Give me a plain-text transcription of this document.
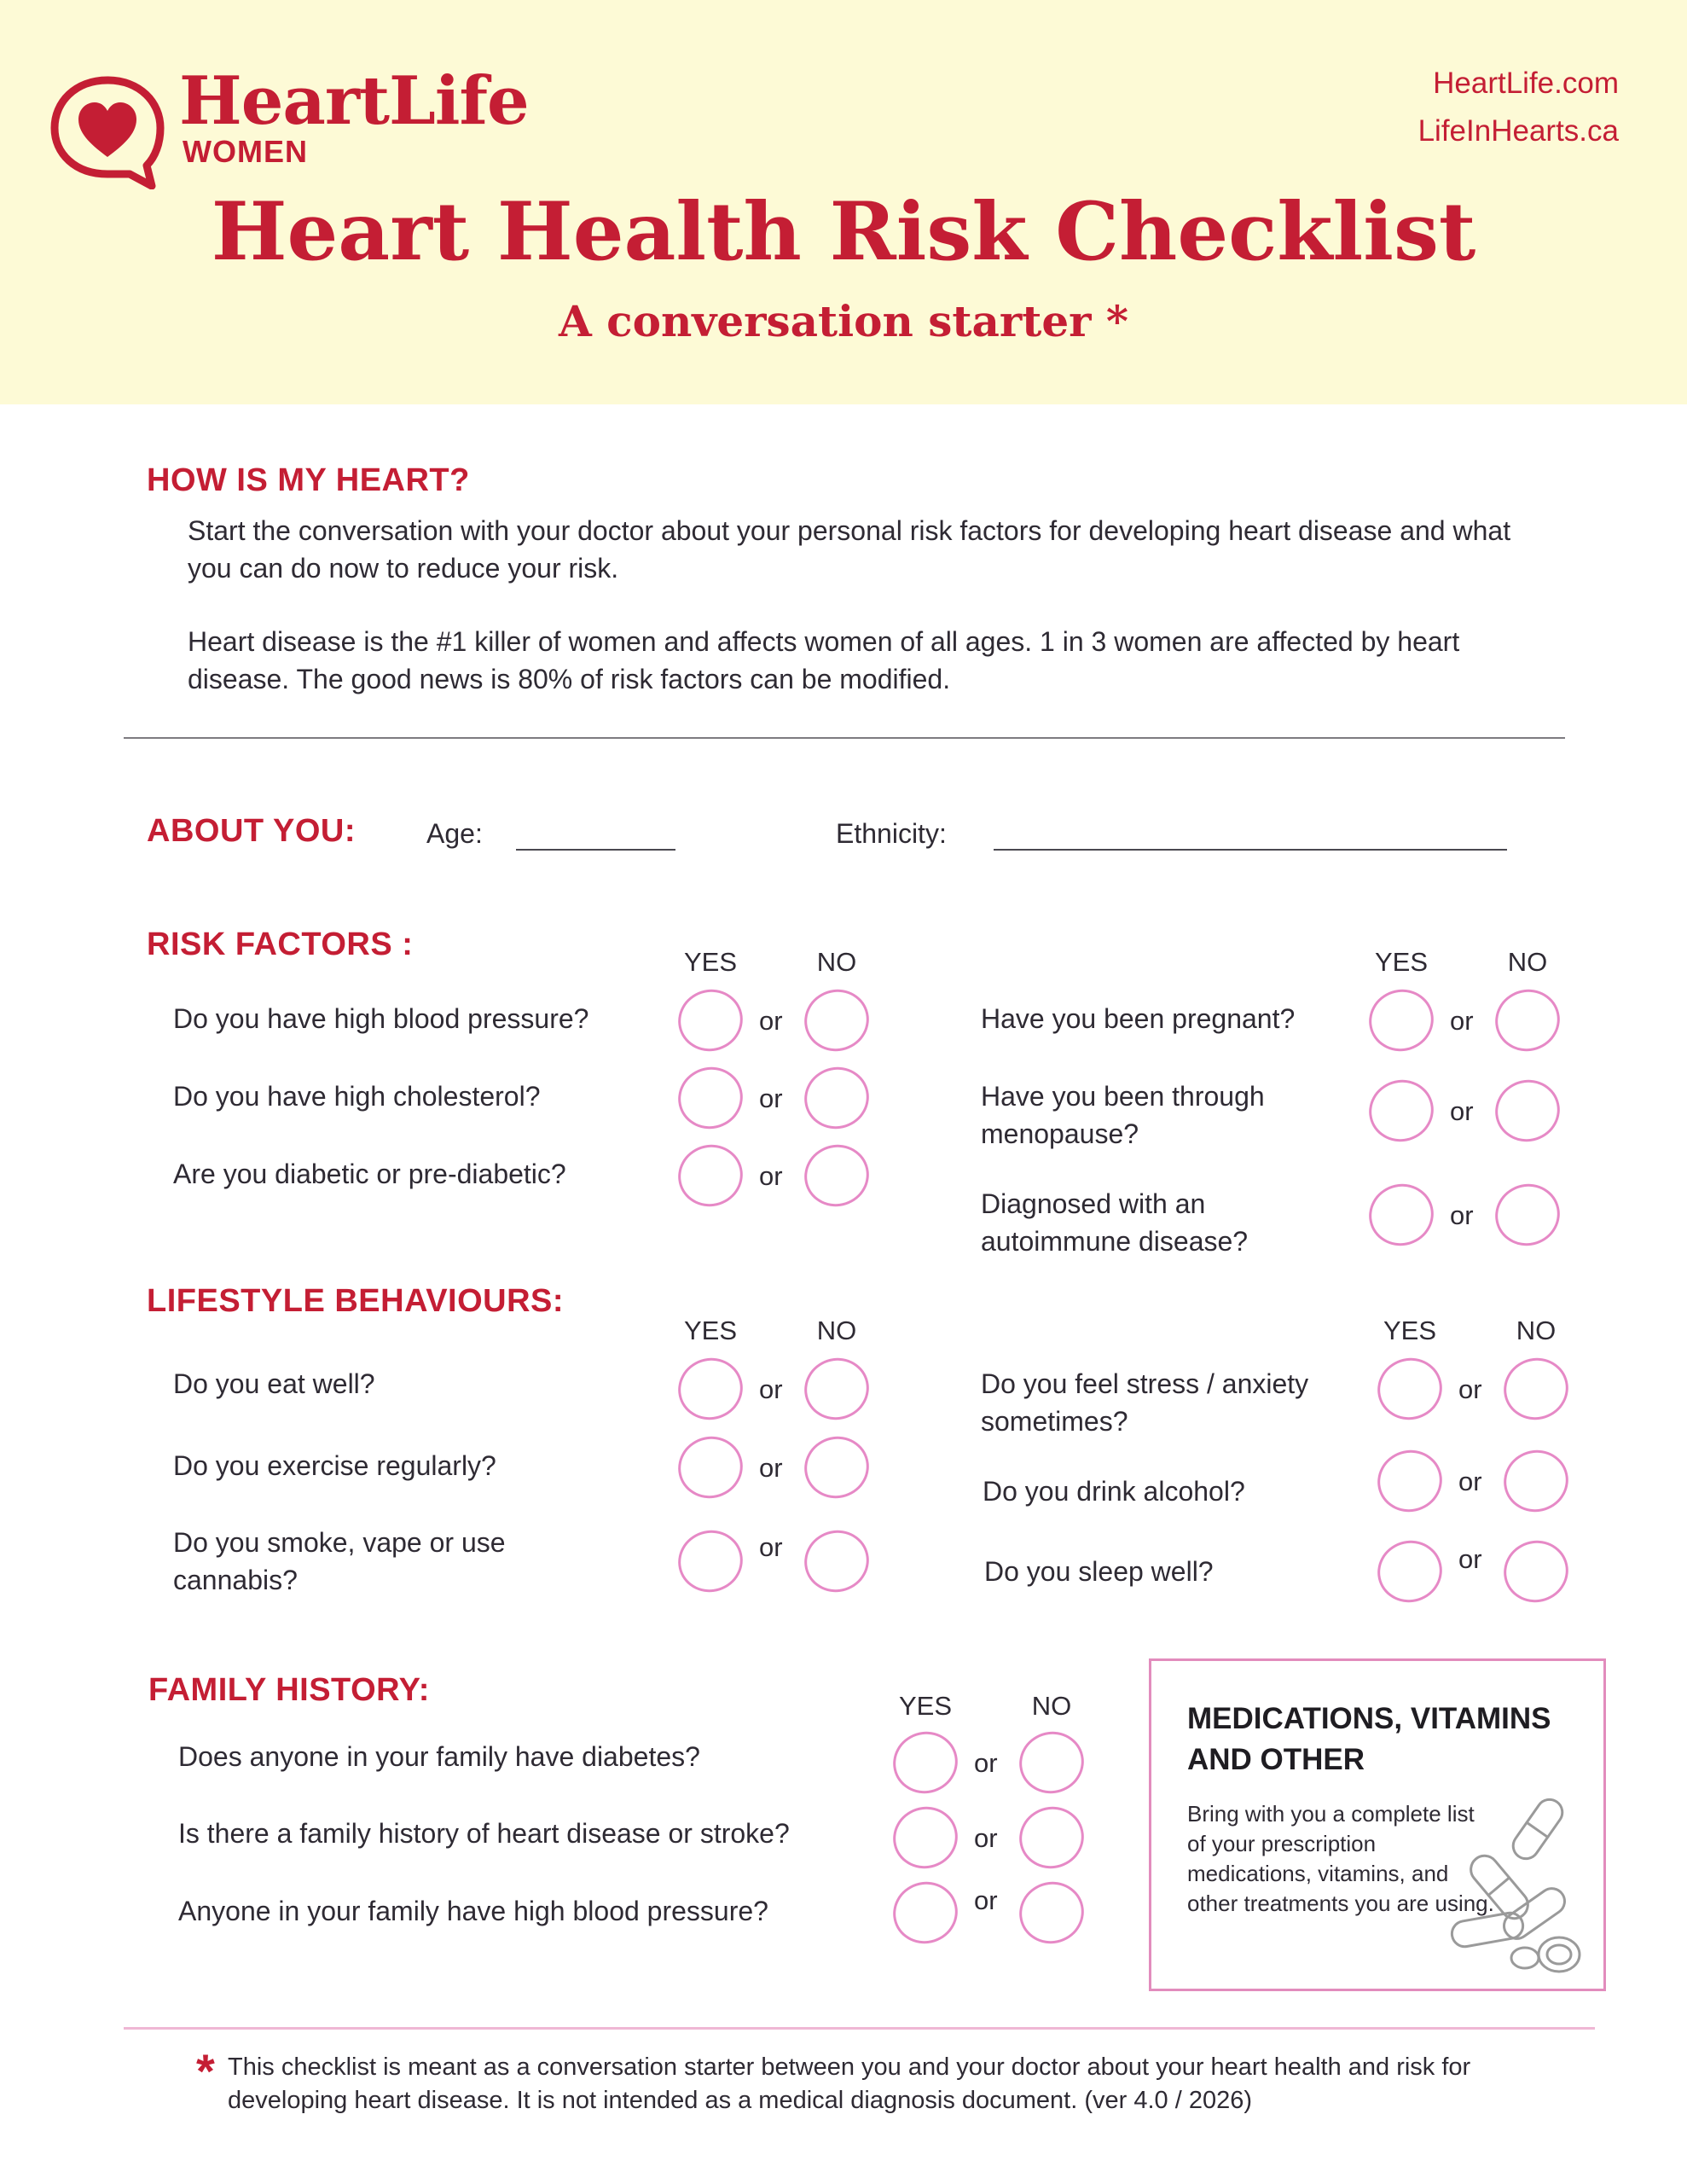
HeartLife
WOMEN
HeartLife.com
LifeInHearts.ca
Heart Health Risk Checklist
A conversation starter *
HOW IS MY HEART?
Start the conversation with your doctor about your personal risk factors for developing heart disease and what you can do now to reduce your risk.
Heart disease is the #1 killer of women and affects women of all ages. 1 in 3 women are affected by heart disease. The good news is 80% of risk factors can be modified.
ABOUT YOU:	Age:	Ethnicity:
RISK FACTORS :	YES	NO	YES	NO
Do you have high blood pressure?	or
Do you have high cholesterol?	or
Are you diabetic or pre-diabetic?	or
Have you been pregnant?	or
Have you been through menopause?
or
Diagnosed with an autoimmune disease?
or
LIFESTYLE BEHAVIOURS:
YES	NO	YES	NO
Do you eat well?	or
Do you exercise regularly?	or
Do you smoke, vape or use cannabis?
or
Do you feel stress / anxiety sometimes?
or
Do you drink alcohol?	or
Do you sleep well?	or
FAMILY HISTORY:	YES	NO
Does anyone in your family have diabetes?	or
Is there a family history of heart disease or stroke?	or
Anyone in your family have high blood pressure?	or
MEDICATIONS, VITAMINS AND OTHER
Bring with you a complete list of your prescription medications, vitamins, and other treatments you are using.
* This checklist is meant as a conversation starter between you and your doctor about your heart health and risk for developing heart disease. It is not intended as a medical diagnosis document. (ver 4.0 / 2026)
